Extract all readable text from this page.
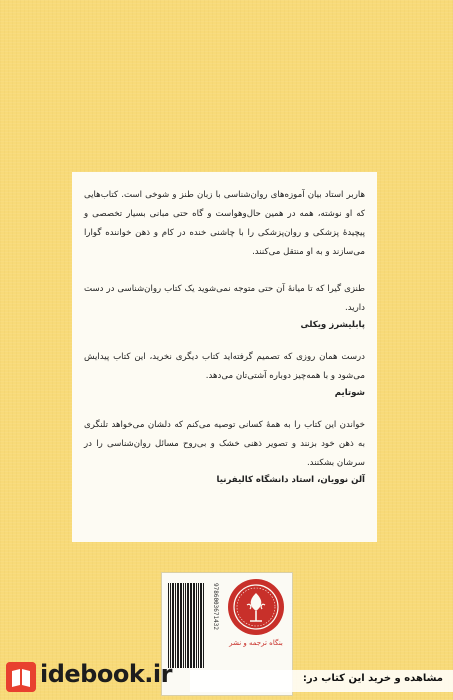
هاربر استاد بیان آموزه‌های روان‌شناسی با زبان طنز و شوخی است. کتاب‌هایی که او نوشته، همه در همین حال‌وهواست و گاه حتی مبانی بسیار تخصصی و پیچیدهٔ پزشکی و روان‌پزشکی را با چاشنی خنده در کام و ذهن خواننده گوارا می‌سازند و به او منتقل می‌کنند.

طنزی گیرا که تا میانهٔ آن حتی متوجه نمی‌شوید یک کتاب روان‌شناسی در دست دارید.

پابلیشرز ویکلی

درست همان روزی که تصمیم گرفته‌اید کتاب دیگری نخرید، این کتاب پیدایش می‌شود و با همه‌چیز دوباره آشتی‌تان می‌دهد.

شوتایم

خواندن این کتاب را به همهٔ کسانی توصیه می‌کنم که دلشان می‌خواهد تلنگری به ذهن خود بزنند و تصویر ذهنی خشک و بی‌روح مسائل روان‌شناسی را در سرشان بشکنند.

آلن نوویان، استاد دانشگاه کالیفرنیا

9786003671432
بنگاه ترجمه و نشر
idebook.ir	مشاهده و خرید این کتاب در:
